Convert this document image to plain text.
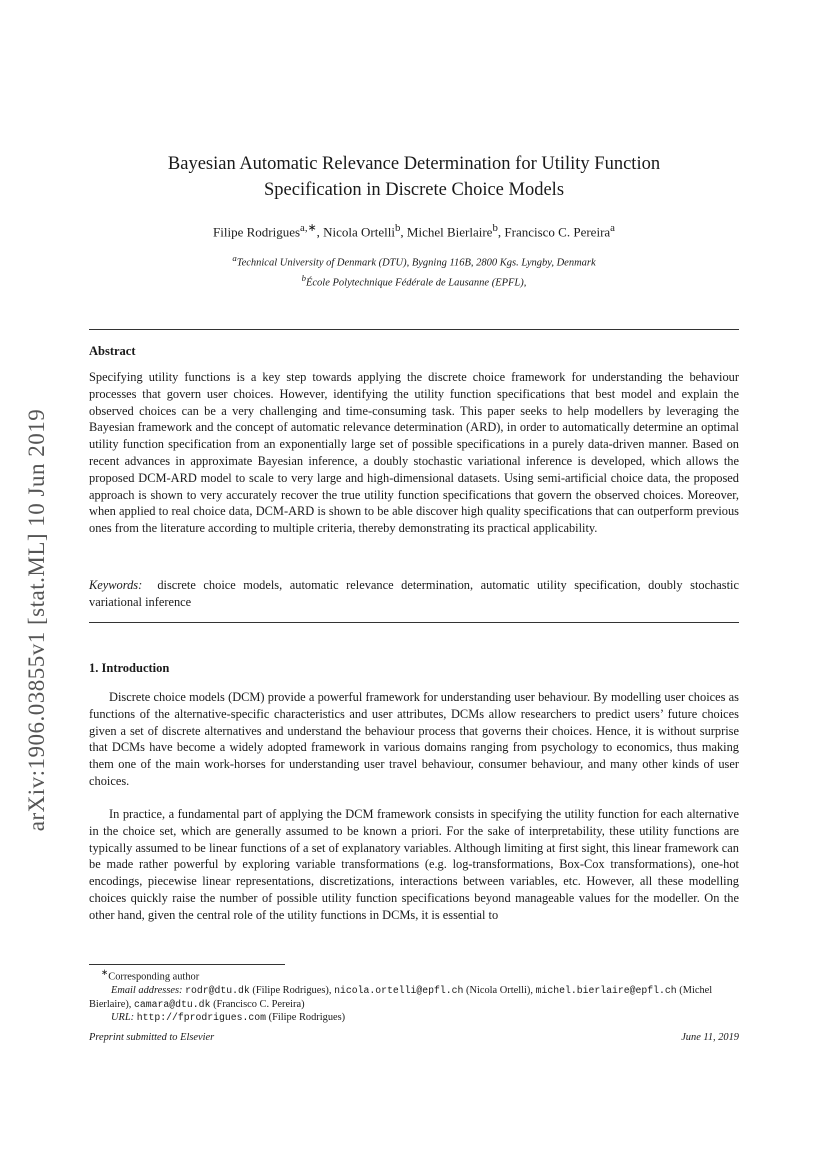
arXiv:1906.03855v1 [stat.ML] 10 Jun 2019
Bayesian Automatic Relevance Determination for Utility Function
Specification in Discrete Choice Models
Filipe Rodrigues$^{a,∗}$, Nicola Ortelli$^b$, Michel Bierlaire$^b$, Francisco C. Pereira$^a$
$^a$Technical University of Denmark (DTU), Bygning 116B, 2800 Kgs. Lyngby, Denmark
$^b$École Polytechnique Fédérale de Lausanne (EPFL),
Abstract

Specifying utility functions is a key step towards applying the discrete choice framework for understanding the behaviour processes that govern user choices. However, identifying the utility function specifications that best model and explain the observed choices can be a very challenging and time-consuming task. This paper seeks to help modellers by leveraging the Bayesian framework and the concept of automatic relevance determination (ARD), in order to automatically determine an optimal utility function specification from an exponentially large set of possible specifications in a purely data-driven manner. Based on recent advances in approximate Bayesian inference, a doubly stochastic variational inference is developed, which allows the proposed DCM-ARD model to scale to very large and high-dimensional datasets. Using semi-artificial choice data, the proposed approach is shown to very accurately recover the true utility function specifications that govern the observed choices. Moreover, when applied to real choice data, DCM-ARD is shown to be able discover high quality specifications that can outperform previous ones from the literature according to multiple criteria, thereby demonstrating its practical applicability.

Keywords: discrete choice models, automatic relevance determination, automatic utility specification, doubly stochastic variational inference

1. Introduction

Discrete choice models (DCM) provide a powerful framework for understanding user behaviour. By modelling user choices as functions of the alternative-specific characteristics and user attributes, DCMs allow researchers to predict users’ future choices given a set of discrete alternatives and understand the behaviour process that governs their choices. Hence, it is without surprise that DCMs have become a widely adopted framework in various domains ranging from psychology to economics, thus making them one of the main work-horses for understanding user travel behaviour, consumer behaviour, and many other kinds of user choices.

In practice, a fundamental part of applying the DCM framework consists in specifying the utility function for each alternative in the choice set, which are generally assumed to be known a priori. For the sake of interpretability, these utility functions are typically assumed to be linear functions of a set of explanatory variables. Although limiting at first sight, this linear framework can be made rather powerful by exploring variable transformations (e.g. log-transformations, Box-Cox transformations), one-hot encodings, piecewise linear representations, discretizations, interactions between variables, etc. However, all these modelling choices quickly raise the number of possible utility function specifications beyond manageable values for the modeller. On the other hand, given the central role of the utility functions in DCMs, it is essential to

∗Corresponding author
Email addresses: rodr@dtu.dk (Filipe Rodrigues), nicola.ortelli@epfl.ch (Nicola Ortelli), michel.bierlaire@epfl.ch (Michel Bierlaire), camara@dtu.dk (Francisco C. Pereira)
URL: http://fprodrigues.com (Filipe Rodrigues)
Preprint submitted to Elsevier	June 11, 2019
